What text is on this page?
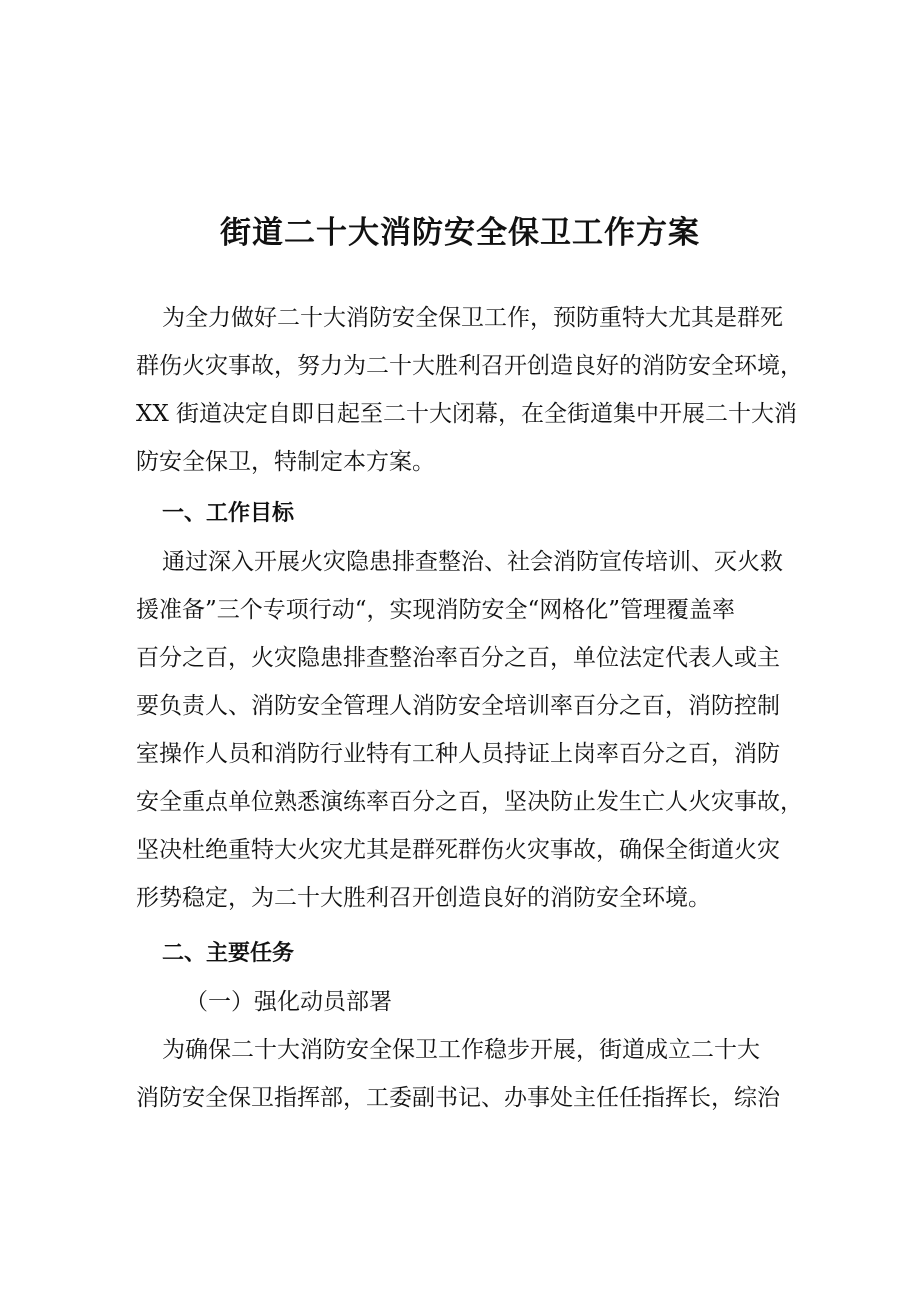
街道二十大消防安全保卫工作方案
为全力做好二十大消防安全保卫工作，预防重特大尤其是群死
群伤火灾事故，努力为二十大胜利召开创造良好的消防安全环境，
XX 街道决定自即日起至二十大闭幕，在全街道集中开展二十大消
防安全保卫，特制定本方案。
一、工作目标
通过深入开展火灾隐患排查整治、社会消防宣传培训、灭火救
援准备”三个专项行动“，实现消防安全“网格化”管理覆盖率
百分之百，火灾隐患排查整治率百分之百，单位法定代表人或主
要负责人、消防安全管理人消防安全培训率百分之百，消防控制
室操作人员和消防行业特有工种人员持证上岗率百分之百，消防
安全重点单位熟悉演练率百分之百，坚决防止发生亡人火灾事故，
坚决杜绝重特大火灾尤其是群死群伤火灾事故，确保全街道火灾
形势稳定，为二十大胜利召开创造良好的消防安全环境。
二、主要任务
（一）强化动员部署
为确保二十大消防安全保卫工作稳步开展，街道成立二十大
消防安全保卫指挥部，工委副书记、办事处主任任指挥长，综治
